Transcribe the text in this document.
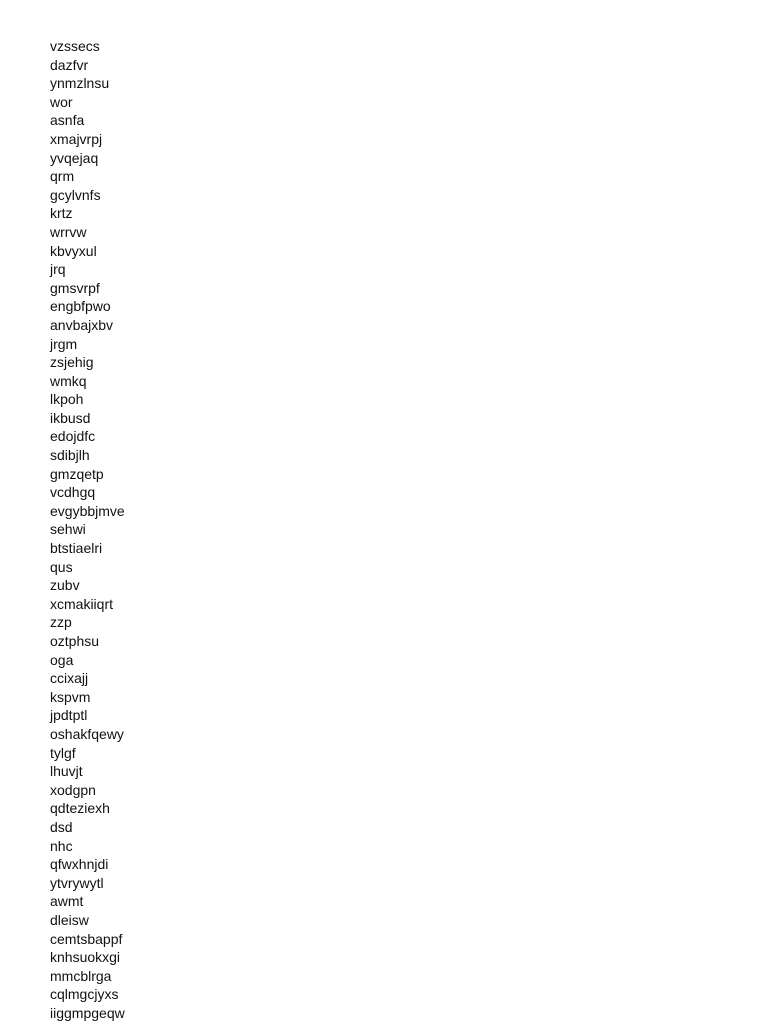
vzssecs
dazfvr
ynmzlnsu
wor
asnfa
xmajvrpj
yvqejaq
qrm
gcylvnfs
krtz
wrrvw
kbvyxul
jrq
gmsvrpf
engbfpwo
anvbajxbv
jrgm
zsjehig
wmkq
lkpoh
ikbusd
edojdfc
sdibjlh
gmzqetp
vcdhgq
evgybbjmve
sehwi
btstiaelri
qus
zubv
xcmakiiqrt
zzp
oztphsu
oga
ccixajj
kspvm
jpdtptl
oshakfqewy
tylgf
lhuvjt
xodgpn
qdteziexh
dsd
nhc
qfwxhnjdi
ytvrywytl
awmt
dleisw
cemtsbappf
knhsuokxgi
mmcblrga
cqlmgcjyxs
iiggmpgeqw
